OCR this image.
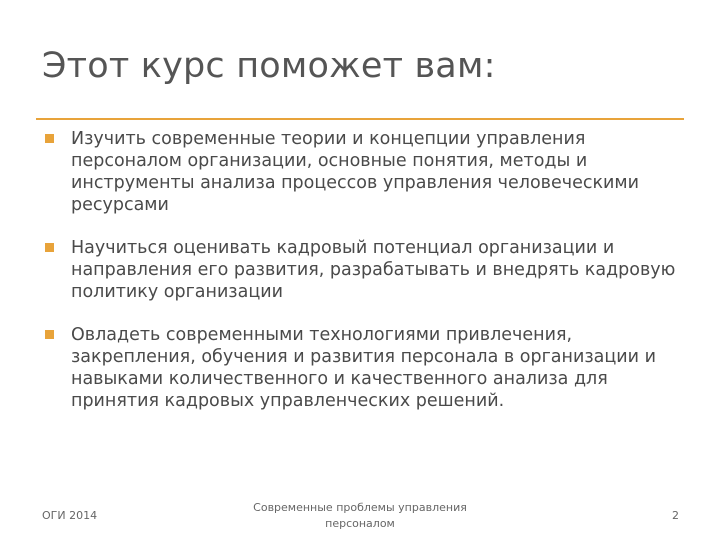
Этот курс поможет вам:
Изучить современные теории и концепции управления
персоналом организации, основные понятия, методы и
инструменты анализа процессов управления человеческими
ресурсами
Научиться оценивать кадровый потенциал организации и
направления его развития, разрабатывать и внедрять кадровую
политику организации
Овладеть современными технологиями привлечения,
закрепления, обучения и развития персонала в организации и
навыками количественного и качественного анализа для
принятия кадровых управленческих решений.
ОГИ 2014
Современные проблемы управления
персоналом
2
